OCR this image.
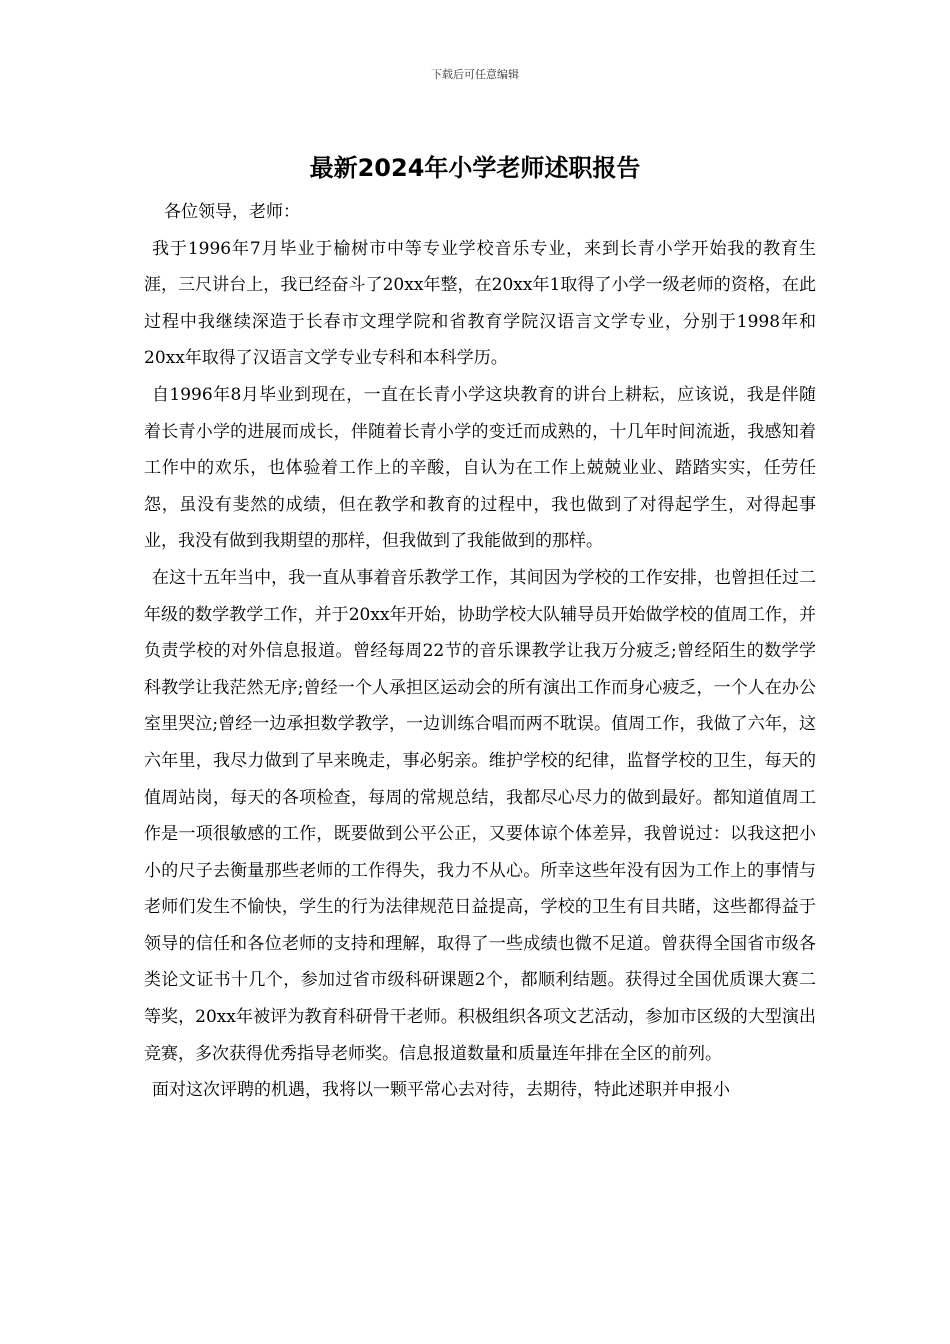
下载后可任意编辑
最新2024年小学老师述职报告

各位领导，老师：

我于1996年7月毕业于榆树市中等专业学校音乐专业，来到长青小学开始我的教育生涯，三尺讲台上，我已经奋斗了20xx年整，在20xx年1取得了小学一级老师的资格，在此过程中我继续深造于长春市文理学院和省教育学院汉语言文学专业，分别于1998年和20xx年取得了汉语言文学专业专科和本科学历。

自1996年8月毕业到现在，一直在长青小学这块教育的讲台上耕耘，应该说，我是伴随着长青小学的进展而成长，伴随着长青小学的变迁而成熟的，十几年时间流逝，我感知着工作中的欢乐，也体验着工作上的辛酸，自认为在工作上兢兢业业、踏踏实实，任劳任怨，虽没有斐然的成绩，但在教学和教育的过程中，我也做到了对得起学生，对得起事业，我没有做到我期望的那样，但我做到了我能做到的那样。

在这十五年当中，我一直从事着音乐教学工作，其间因为学校的工作安排，也曾担任过二年级的数学教学工作，并于20xx年开始，协助学校大队辅导员开始做学校的值周工作，并负责学校的对外信息报道。曾经每周22节的音乐课教学让我万分疲乏;曾经陌生的数学学科教学让我茫然无序;曾经一个人承担区运动会的所有演出工作而身心疲乏，一个人在办公室里哭泣;曾经一边承担数学教学，一边训练合唱而两不耽误。值周工作，我做了六年，这六年里，我尽力做到了早来晚走，事必躬亲。维护学校的纪律，监督学校的卫生，每天的值周站岗，每天的各项检查，每周的常规总结，我都尽心尽力的做到最好。都知道值周工作是一项很敏感的工作，既要做到公平公正，又要体谅个体差异，我曾说过：以我这把小小的尺子去衡量那些老师的工作得失，我力不从心。所幸这些年没有因为工作上的事情与老师们发生不愉快，学生的行为法律规范日益提高，学校的卫生有目共睹，这些都得益于领导的信任和各位老师的支持和理解，取得了一些成绩也微不足道。曾获得全国省市级各类论文证书十几个，参加过省市级科研课题2个，都顺利结题。获得过全国优质课大赛二等奖，20xx年被评为教育科研骨干老师。积极组织各项文艺活动，参加市区级的大型演出竞赛，多次获得优秀指导老师奖。信息报道数量和质量连年排在全区的前列。

面对这次评聘的机遇，我将以一颗平常心去对待，去期待，特此述职并申报小
